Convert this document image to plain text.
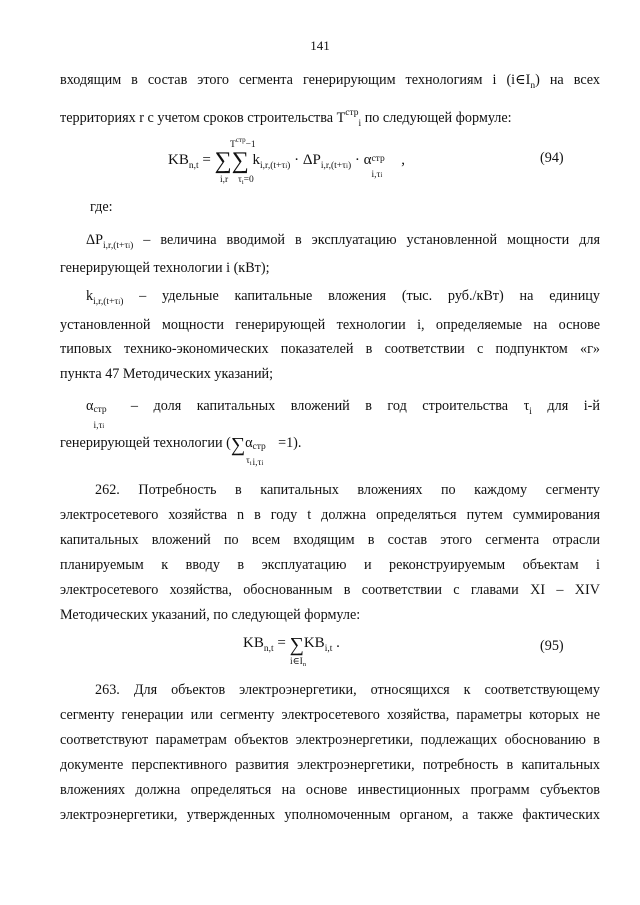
141
входящим в состав этого сегмента генерирующим технологиям i $(i\in I_n)$ на всех
территориях r с учетом сроков строительства $T^{стр}_i$ по следующей формуле:
$KB_{n,t}$ = ∑∑ $k_{i,r,(t+\tau i)} \cdot \Delta P_{i,r,(t+\tau i)} \cdot \alpha$ стр
i,τi
,
$T^{стр}-1$
i,r $\tau_i=0$
(94)
где:
$\Delta P_{i,r,(t+\tau i)}$ – величина вводимой в эксплуатацию установленной мощности для
генерирующей технологии i (кВт);
$k_{i,r,(t+\tau i)}$ – удельные капитальные вложения (тыс. руб./кВт) на единицу
установленной мощности генерирующей технологии i, определяемые на основе
типовых технико-экономических показателей в соответствии с подпунктом «г»
пункта 47 Методических указаний;
α стр
i,τi
– доля капитальных вложений в год строительства $\tau_i$ для i-й
генерирующей технологии (∑α стр
i,τi
=1).
$\tau_i$
262. Потребность в капитальных вложениях по каждому сегменту
электросетевого хозяйства n в году t должна определяться путем суммирования
капитальных вложений по всем входящим в состав этого сегмента отрасли
планируемым к вводу в эксплуатацию и реконструируемым объектам i
электросетевого хозяйства, обоснованным в соответствии с главами XI – XIV
Методических указаний, по следующей формуле:
$KB_{n,t} = \sum KB_{i,t}$ .
$i\in I_n$
(95)
263. Для объектов электроэнергетики, относящихся к соответствующему
сегменту генерации или сегменту электросетевого хозяйства, параметры которых не
соответствуют параметрам объектов электроэнергетики, подлежащих обоснованию в
документе перспективного развития электроэнергетики, потребность в капитальных
вложениях должна определяться на основе инвестиционных программ субъектов
электроэнергетики, утвержденных уполномоченным органом, а также фактических
